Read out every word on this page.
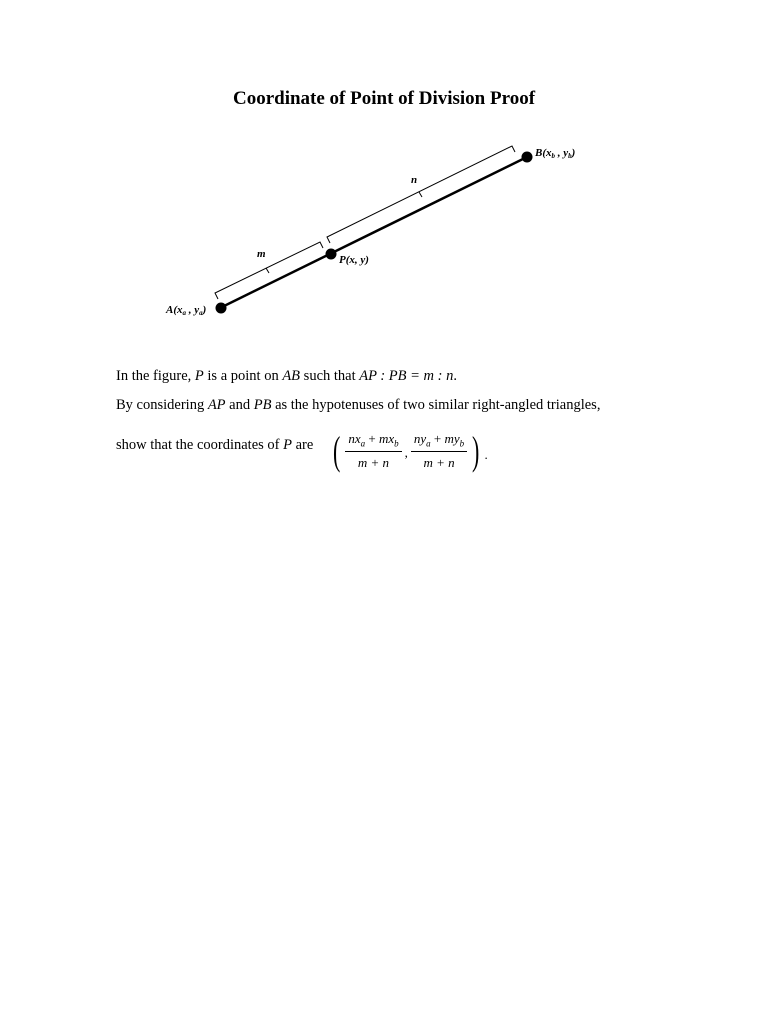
Coordinate of Point of Division Proof
A(xa , ya)
B(xb , yb)
P(x, y)
m
n

In the figure, P is a point on AB such that AP : PB = m : n.

By considering AP and PB as the hypotenuses of two similar right-angled triangles,

show that the coordinates of P are ( $\frac{nx_a + mx_b}{m + n}$ , $\frac{ny_a + my_b}{m + n}$ ) .
